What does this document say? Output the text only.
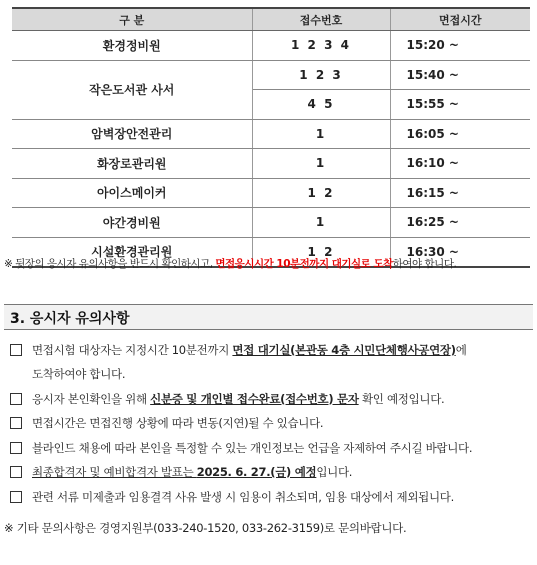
구 분	접수번호	면접시간
환경정비원	1 2 3 4	15:20 ~
작은도서관 사서	1 2 3	15:40 ~
	4 5	15:55 ~
암벽장안전관리	1	16:05 ~
화장로관리원	1	16:10 ~
아이스메이커	1 2	16:15 ~
야간경비원	1	16:25 ~
시설환경관리원	1 2	16:30 ~
※ 뒷장의 응시자 유의사항을 반드시 확인하시고, 면접응시시간 10분전까지 대기실로 도착하여야 합니다.
3. 응시자 유의사항
면접시험 대상자는 지정시간 10분전까지 면접 대기실(본관동 4층 시민단체행사공연장)에
도착하여야 합니다.
응시자 본인확인을 위해 신분증 및 개인별 접수완료(접수번호) 문자 확인 예정입니다.
면접시간은 면접진행 상황에 따라 변동(지연)될 수 있습니다.
블라인드 채용에 따라 본인을 특정할 수 있는 개인정보는 언급을 자제하여 주시길 바랍니다.
최종합격자 및 예비합격자 발표는 2025. 6. 27.(금) 예정입니다.
관련 서류 미제출과 임용결격 사유 발생 시 임용이 취소되며, 임용 대상에서 제외됩니다.
※ 기타 문의사항은 경영지원부(033-240-1520, 033-262-3159)로 문의바랍니다.
